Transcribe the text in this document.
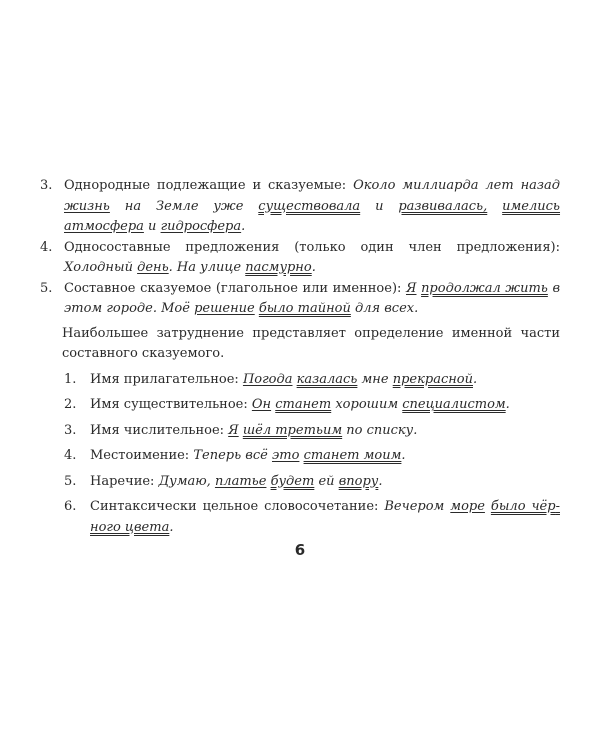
3. Однородные подлежащие и сказуемые: Около миллиарда лет назад жизнь на Земле уже существовала и развивалась, имелись атмосфера и гидросфера.
4. Односоставные предложения (только один член предложения): Холодный день. На улице пасмурно.
5. Составное сказуемое (глагольное или именное): Я продолжал жить в этом городе. Моё решение было тайной для всех.

Наибольшее затруднение представляет определение именной части составного сказуемого.

1. Имя прилагательное: Погода казалась мне прекрасной.
2. Имя существительное: Он станет хорошим специалистом.
3. Имя числительное: Я шёл третьим по списку.
4. Местоимение: Теперь всё это станет моим.
5. Наречие: Думаю, платье будет ей впору.
6. Синтаксически цельное словосочетание: Вечером море было чёрного цвета.
6
